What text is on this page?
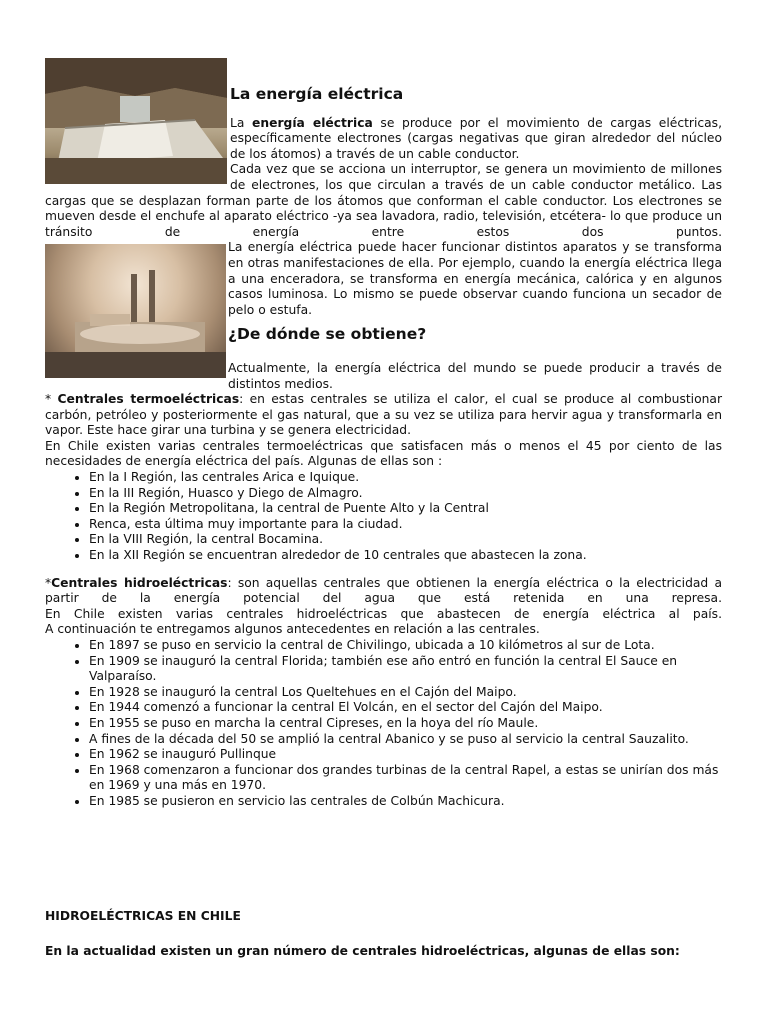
La energía eléctrica

La energía eléctrica se produce por el movimiento de cargas eléctricas, específicamente electrones (cargas negativas que giran alrededor del núcleo de los átomos) a través de un cable conductor.

Cada vez que se acciona un interruptor, se genera un movimiento de millones de electrones, los que circulan a través de un cable conductor metálico. Las cargas que se desplazan forman parte de los átomos que conforman el cable conductor. Los electrones se mueven desde el enchufe al aparato eléctrico -ya sea lavadora, radio, televisión, etcétera- lo que produce un tránsito de energía entre estos dos puntos.

La energía eléctrica puede hacer funcionar distintos aparatos y se transforma en otras manifestaciones de ella. Por ejemplo, cuando la energía eléctrica llega a una enceradora, se transforma en energía mecánica, calórica y en algunos casos luminosa. Lo mismo se puede observar cuando funciona un secador de pelo o estufa.

¿De dónde se obtiene?

Actualmente, la energía eléctrica del mundo se puede producir a través de distintos medios.

* Centrales termoeléctricas: en estas centrales se utiliza el calor, el cual se produce al combustionar carbón, petróleo y posteriormente el gas natural, que a su vez se utiliza para hervir agua y transformarla en vapor. Este hace girar una turbina y se genera electricidad.

En Chile existen varias centrales termoeléctricas que satisfacen más o menos el 45 por ciento de las necesidades de energía eléctrica del país. Algunas de ellas son :

• En la I Región, las centrales Arica e Iquique.
• En la III Región, Huasco y Diego de Almagro.
• En la Región Metropolitana, la central de Puente Alto y la Central
• Renca, esta última muy importante para la ciudad.
• En la VIII Región, la central Bocamina.
• En la XII Región se encuentran alrededor de 10 centrales que abastecen la zona.

*Centrales hidroeléctricas: son aquellas centrales que obtienen la energía eléctrica o la electricidad a partir de la energía potencial del agua que está retenida en una represa.

En Chile existen varias centrales hidroeléctricas que abastecen de energía eléctrica al país.

A continuación te entregamos algunos antecedentes en relación a las centrales.

• En 1897 se puso en servicio la central de Chivilingo, ubicada a 10 kilómetros al sur de Lota.
• En 1909 se inauguró la central Florida; también ese año entró en función la central El Sauce en Valparaíso.
• En 1928 se inauguró la central Los Queltehues en el Cajón del Maipo.
• En 1944 comenzó a funcionar la central El Volcán, en el sector del Cajón del Maipo.
• En 1955 se puso en marcha la central Cipreses, en la hoya del río Maule.
• A fines de la década del 50 se amplió la central Abanico y se puso al servicio la central Sauzalito.
• En 1962 se inauguró Pullinque
• En 1968 comenzaron a funcionar dos grandes turbinas de la central Rapel, a estas se unirían dos más en 1969 y una más en 1970.
• En 1985 se pusieron en servicio las centrales de Colbún Machicura.
HIDROELÉCTRICAS EN CHILE
En la actualidad existen un gran número de centrales hidroeléctricas, algunas de ellas son:
